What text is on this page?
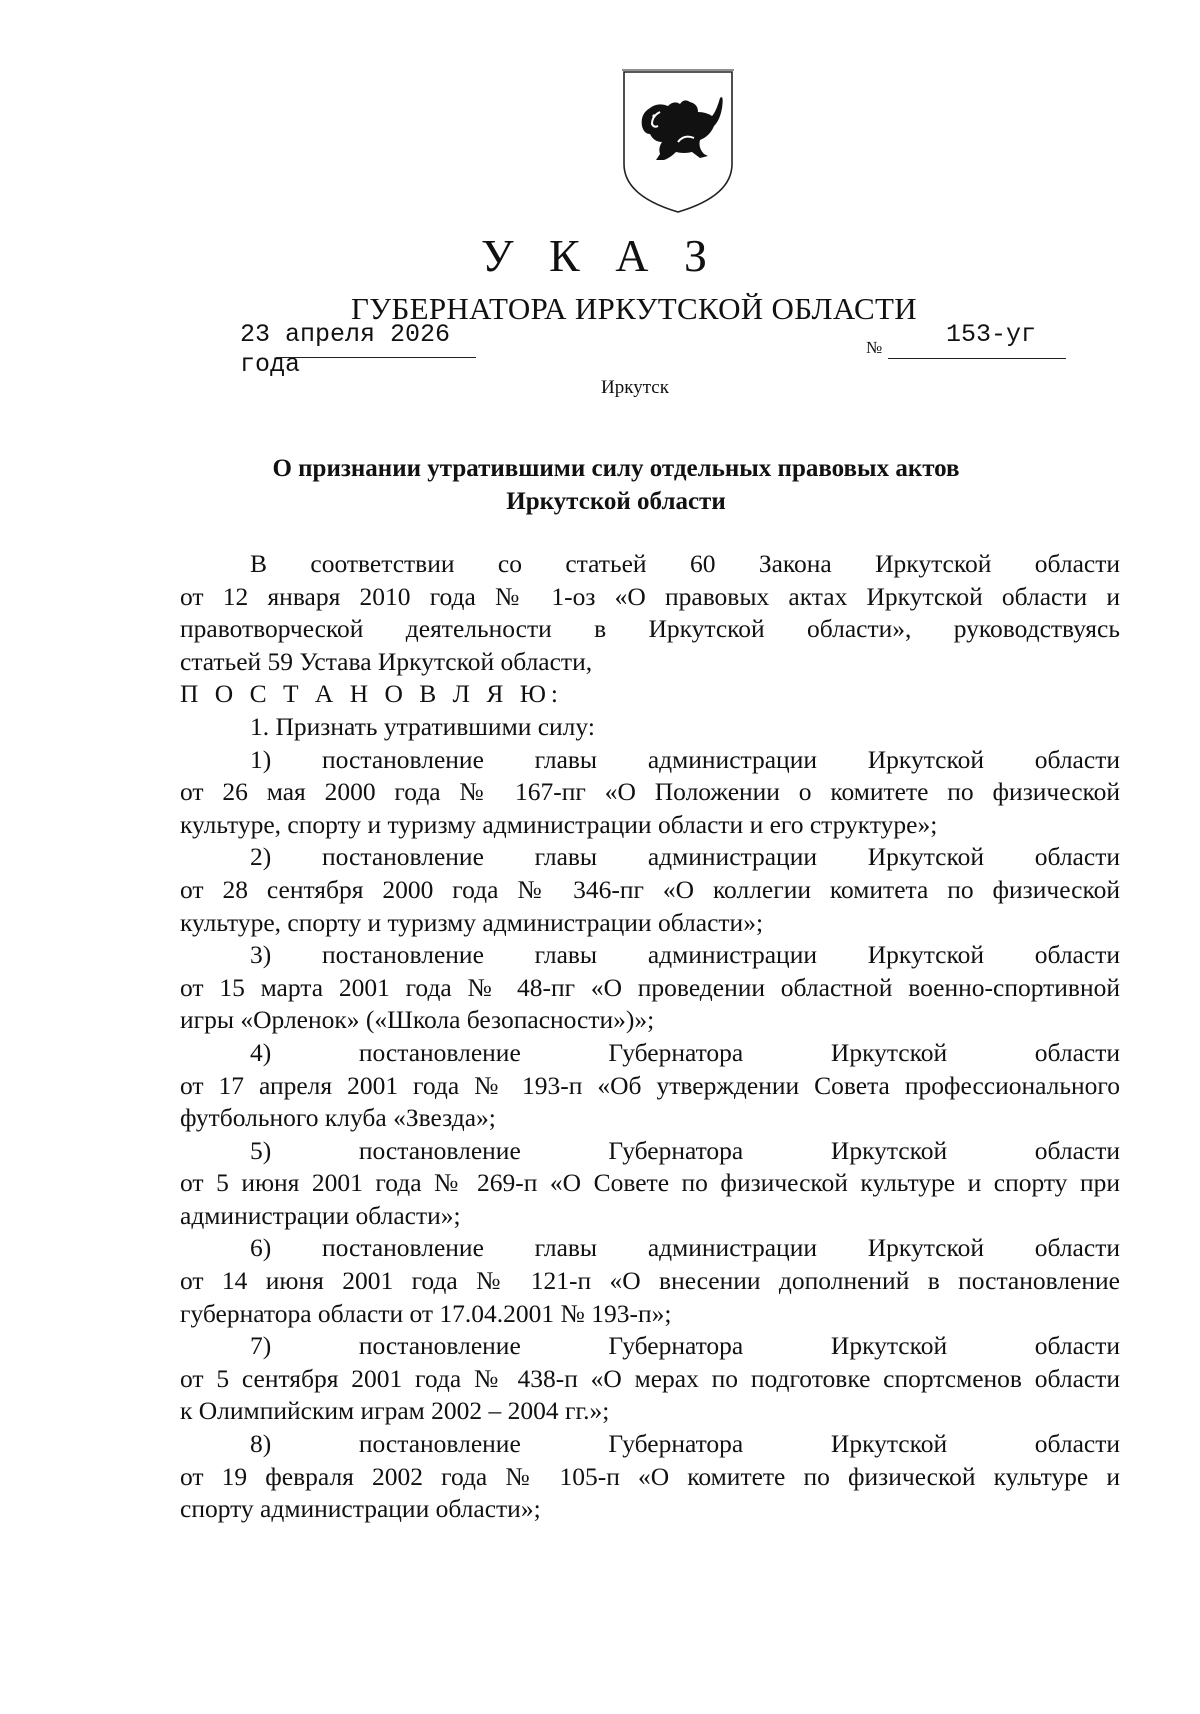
У К А З
ГУБЕРНАТОРА ИРКУТСКОЙ ОБЛАСТИ
23 апреля 2026 года
№	153-уг
Иркутск
О признании утратившими силу отдельных правовых актов
Иркутской области

В соответствии со статьей 60 Закона Иркутской области

от 12 января 2010 года № 1-оз «О правовых актах Иркутской области и

правотворческой деятельности в Иркутской области», руководствуясь

статьей 59 Устава Иркутской области,

П О С Т А Н О В Л Я Ю:

1. Признать утратившими силу:

1) постановление главы администрации Иркутской области

от 26 мая 2000 года № 167-пг «О Положении о комитете по физической

культуре, спорту и туризму администрации области и его структуре»;

2) постановление главы администрации Иркутской области

от 28 сентября 2000 года № 346-пг «О коллегии комитета по физической

культуре, спорту и туризму администрации области»;

3) постановление главы администрации Иркутской области

от 15 марта 2001 года № 48-пг «О проведении областной военно-спортивной

игры «Орленок» («Школа безопасности»)»;

4) постановление Губернатора Иркутской области

от 17 апреля 2001 года № 193-п «Об утверждении Совета профессионального

футбольного клуба «Звезда»;

5) постановление Губернатора Иркутской области

от 5 июня 2001 года № 269-п «О Совете по физической культуре и спорту при

администрации области»;

6) постановление главы администрации Иркутской области

от 14 июня 2001 года № 121-п «О внесении дополнений в постановление

губернатора области от 17.04.2001 № 193-п»;

7) постановление Губернатора Иркутской области

от 5 сентября 2001 года № 438-п «О мерах по подготовке спортсменов области

к Олимпийским играм 2002 – 2004 гг.»;

8) постановление Губернатора Иркутской области

от 19 февраля 2002 года № 105-п «О комитете по физической культуре и

спорту администрации области»;
